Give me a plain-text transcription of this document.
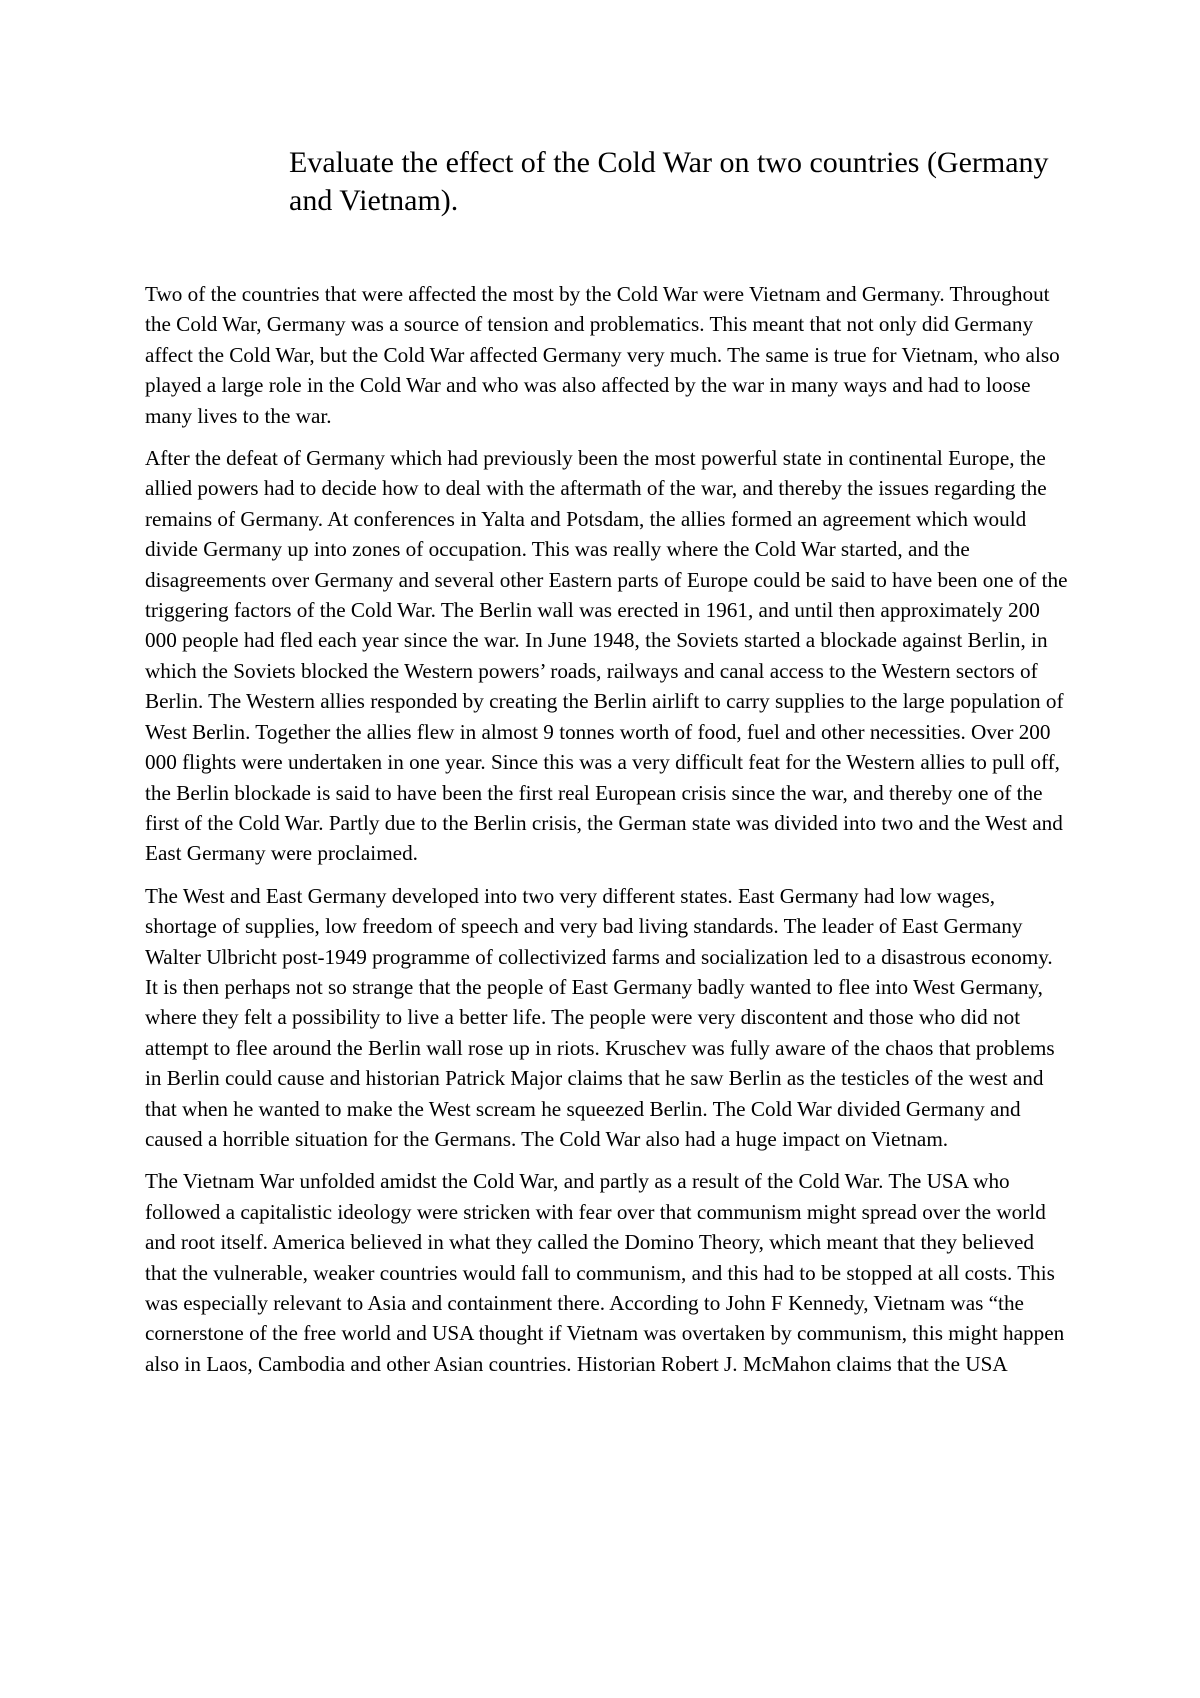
Evaluate the effect of the Cold War on two countries (Germany and Vietnam).

Two of the countries that were affected the most by the Cold War were Vietnam and Germany. Throughout the Cold War, Germany was a source of tension and problematics. This meant that not only did Germany affect the Cold War, but the Cold War affected Germany very much. The same is true for Vietnam, who also played a large role in the Cold War and who was also affected by the war in many ways and had to loose many lives to the war.

After the defeat of Germany which had previously been the most powerful state in continental Europe, the allied powers had to decide how to deal with the aftermath of the war, and thereby the issues regarding the remains of Germany. At conferences in Yalta and Potsdam, the allies formed an agreement which would divide Germany up into zones of occupation. This was really where the Cold War started, and the disagreements over Germany and several other Eastern parts of Europe could be said to have been one of the triggering factors of the Cold War. The Berlin wall was erected in 1961, and until then approximately 200 000 people had fled each year since the war. In June 1948, the Soviets started a blockade against Berlin, in which the Soviets blocked the Western powers’ roads, railways and canal access to the Western sectors of Berlin. The Western allies responded by creating the Berlin airlift to carry supplies to the large population of West Berlin. Together the allies flew in almost 9 tonnes worth of food, fuel and other necessities. Over 200 000 flights were undertaken in one year. Since this was a very difficult feat for the Western allies to pull off, the Berlin blockade is said to have been the first real European crisis since the war, and thereby one of the first of the Cold War. Partly due to the Berlin crisis, the German state was divided into two and the West and East Germany were proclaimed.

The West and East Germany developed into two very different states. East Germany had low wages, shortage of supplies, low freedom of speech and very bad living standards. The leader of East Germany Walter Ulbricht post-1949 programme of collectivized farms and socialization led to a disastrous economy. It is then perhaps not so strange that the people of East Germany badly wanted to flee into West Germany, where they felt a possibility to live a better life. The people were very discontent and those who did not attempt to flee around the Berlin wall rose up in riots. Kruschev was fully aware of the chaos that problems in Berlin could cause and historian Patrick Major claims that he saw Berlin as the testicles of the west and that when he wanted to make the West scream he squeezed Berlin. The Cold War divided Germany and caused a horrible situation for the Germans. The Cold War also had a huge impact on Vietnam.

The Vietnam War unfolded amidst the Cold War, and partly as a result of the Cold War. The USA who followed a capitalistic ideology were stricken with fear over that communism might spread over the world and root itself. America believed in what they called the Domino Theory, which meant that they believed that the vulnerable, weaker countries would fall to communism, and this had to be stopped at all costs. This was especially relevant to Asia and containment there. According to John F Kennedy, Vietnam was “the cornerstone of the free world and USA thought if Vietnam was overtaken by communism, this might happen also in Laos, Cambodia and other Asian countries. Historian Robert J. McMahon claims that the USA
